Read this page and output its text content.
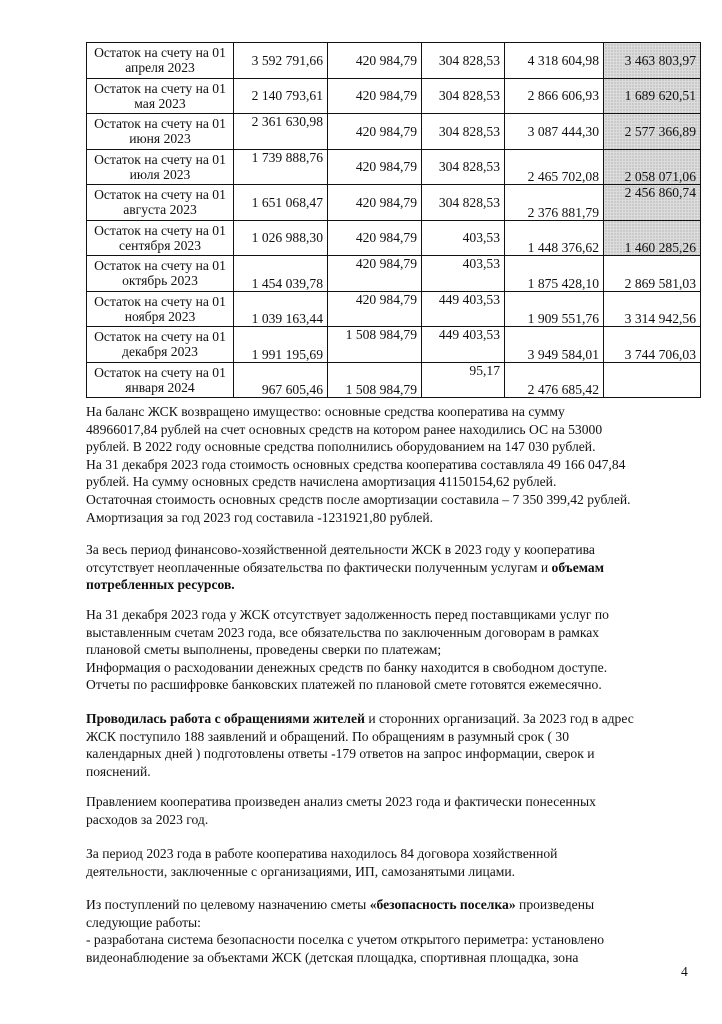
Остаток на счету на 01 апреля 2023	3 592 791,66	420 984,79	304 828,53	4 318 604,98	3 463 803,97
Остаток на счету на 01 мая 2023	2 140 793,61	420 984,79	304 828,53	2 866 606,93	1 689 620,51
Остаток на счету на 01 июня 2023	2 361 630,98	420 984,79	304 828,53	3 087 444,30	2 577 366,89
Остаток на счету на 01 июля 2023	1 739 888,76	420 984,79	304 828,53	2 465 702,08	2 058 071,06
Остаток на счету на 01 августа 2023	1 651 068,47	420 984,79	304 828,53	2 376 881,79	2 456 860,74
Остаток на счету на 01 сентября 2023	1 026 988,30	420 984,79	403,53	1 448 376,62	1 460 285,26
Остаток на счету на 01 октябрь 2023	1 454 039,78	420 984,79	403,53	1 875 428,10	2 869 581,03
Остаток на счету на 01 ноября 2023	1 039 163,44	420 984,79	449 403,53	1 909 551,76	3 314 942,56
Остаток на счету на 01 декабря 2023	1 991 195,69	1 508 984,79	449 403,53	3 949 584,01	3 744 706,03
Остаток на счету на 01 января 2024	967 605,46	1 508 984,79	95,17	2 476 685,42	

На баланс ЖСК возвращено имущество: основные средства кооператива на сумму

48966017,84 рублей на счет основных средств на котором ранее находились ОС на 53000

рублей. В 2022 году основные средства пополнились оборудованием на 147 030 рублей.

На 31 декабря 2023 года стоимость основных средства кооператива составляла 49 166 047,84

рублей. На сумму основных средств начислена амортизация 41150154,62 рублей.

Остаточная стоимость основных средств после амортизации составила – 7 350 399,42 рублей.

Амортизация за год 2023 год составила -1231921,80 рублей.

За весь период финансово-хозяйственной деятельности ЖСК в 2023 году у кооператива

отсутствует неоплаченные обязательства по фактически полученным услугам и объемам

потребленных ресурсов.

На 31 декабря 2023 года у ЖСК отсутствует задолженность перед поставщиками услуг по

выставленным счетам 2023 года, все обязательства по заключенным договорам в рамках

плановой сметы выполнены, проведены сверки по платежам;

Информация о расходовании денежных средств по банку находится в свободном доступе.

Отчеты по расшифровке банковских платежей по плановой смете готовятся ежемесячно.

Проводилась работа с обращениями жителей и сторонних организаций. За 2023 год в адрес

ЖСК поступило 188 заявлений и обращений. По обращениям в разумный срок ( 30

календарных дней ) подготовлены ответы -179 ответов на запрос информации, сверок и

пояснений.

Правлением кооператива произведен анализ сметы 2023 года и фактически понесенных

расходов за 2023 год.

За период 2023 года в работе кооператива находилось 84 договора хозяйственной

деятельности, заключенные с организациями, ИП, самозанятыми лицами.

Из поступлений по целевому назначению сметы «безопасность поселка» произведены

следующие работы:

- разработана система безопасности поселка с учетом открытого периметра: установлено

видеонаблюдение за объектами ЖСК (детская площадка, спортивная площадка, зона

4
